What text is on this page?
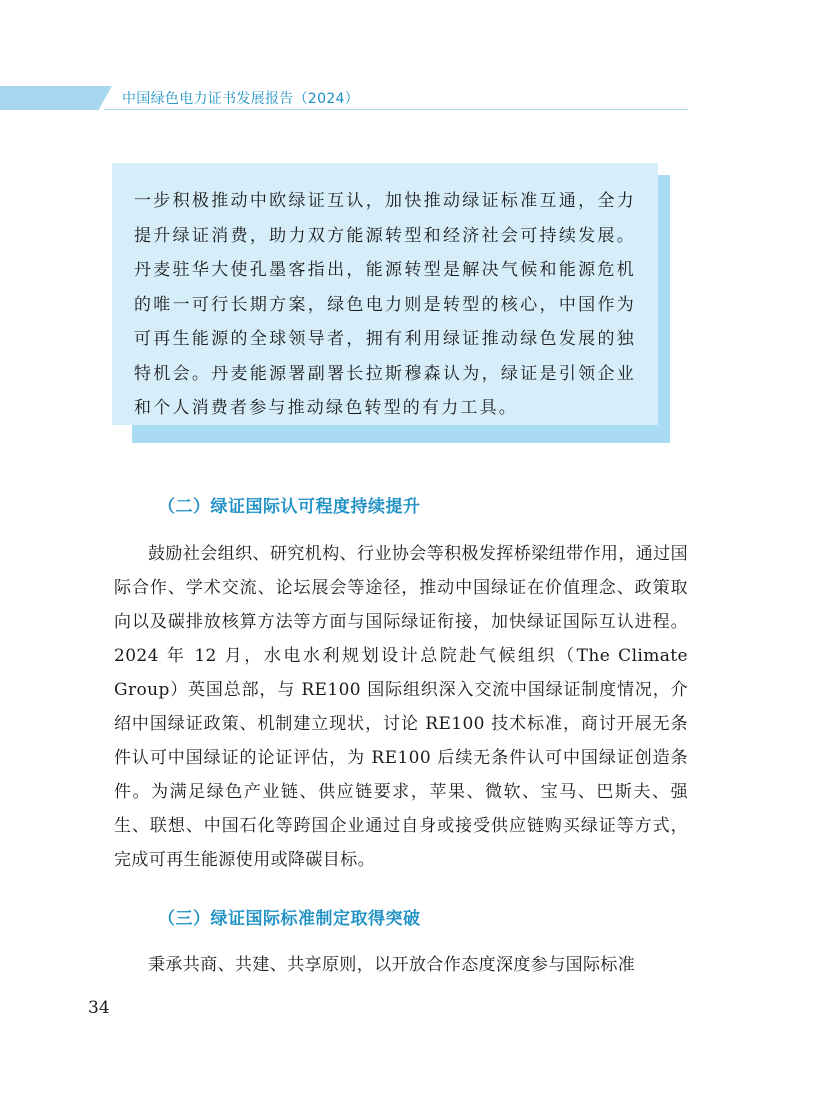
中国绿色电力证书发展报告（2024）

一步积极推动中欧绿证互认，加快推动绿证标准互通，全力提升绿证消费，助力双方能源转型和经济社会可持续发展。丹麦驻华大使孔墨客指出，能源转型是解决气候和能源危机的唯一可行长期方案，绿色电力则是转型的核心，中国作为可再生能源的全球领导者，拥有利用绿证推动绿色发展的独特机会。丹麦能源署副署长拉斯穆森认为，绿证是引领企业和个人消费者参与推动绿色转型的有力工具。

（二）绿证国际认可程度持续提升

鼓励社会组织、研究机构、行业协会等积极发挥桥梁纽带作用，通过国际合作、学术交流、论坛展会等途径，推动中国绿证在价值理念、政策取向以及碳排放核算方法等方面与国际绿证衔接，加快绿证国际互认进程。2024 年 12 月，水电水利规划设计总院赴气候组织（The Climate Group）英国总部，与 RE100 国际组织深入交流中国绿证制度情况，介绍中国绿证政策、机制建立现状，讨论 RE100 技术标准，商讨开展无条件认可中国绿证的论证评估，为 RE100 后续无条件认可中国绿证创造条件。为满足绿色产业链、供应链要求，苹果、微软、宝马、巴斯夫、强生、联想、中国石化等跨国企业通过自身或接受供应链购买绿证等方式，完成可再生能源使用或降碳目标。

（三）绿证国际标准制定取得突破

秉承共商、共建、共享原则，以开放合作态度深度参与国际标准

34
